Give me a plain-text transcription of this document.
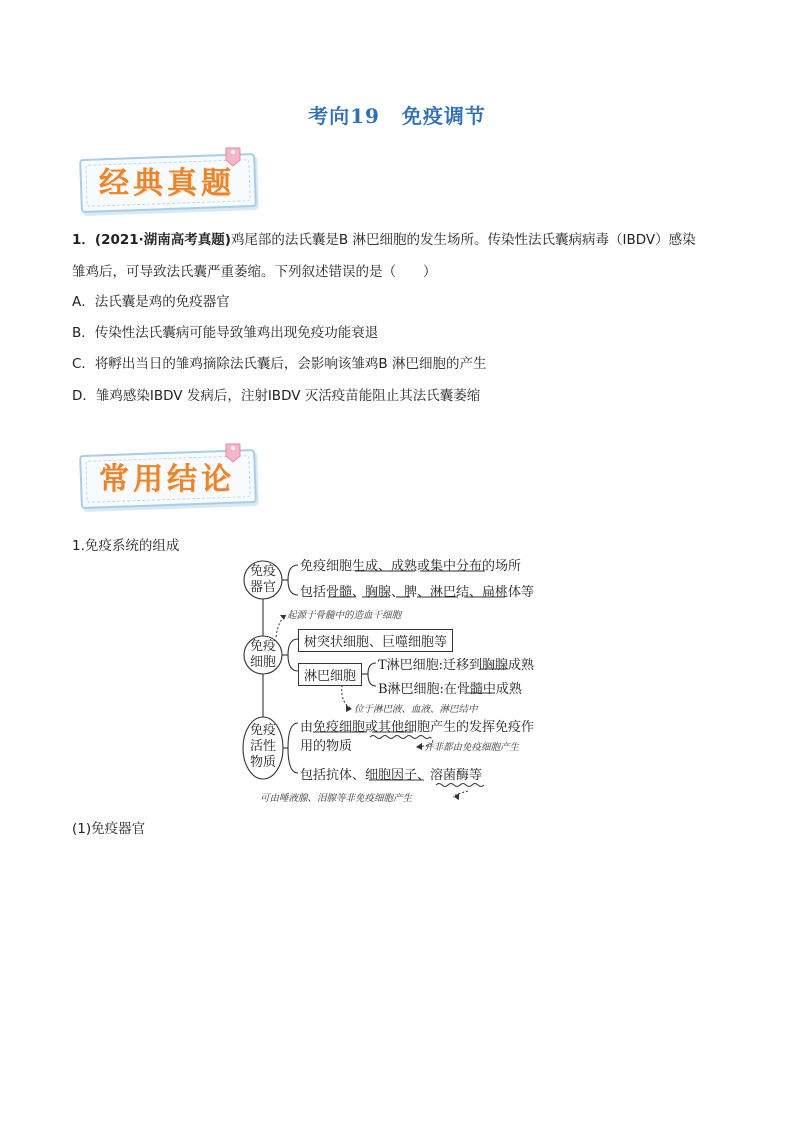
考向19 免疫调节
经典真题
1．(2021·湖南高考真题)鸡尾部的法氏囊是B 淋巴细胞的发生场所。传染性法氏囊病病毒（IBDV）感染
雏鸡后，可导致法氏囊严重萎缩。下列叙述错误的是（　　）
A．法氏囊是鸡的免疫器官
B．传染性法氏囊病可能导致雏鸡出现免疫功能衰退
C．将孵出当日的雏鸡摘除法氏囊后，会影响该雏鸡B 淋巴细胞的产生
D．雏鸡感染IBDV 发病后，注射IBDV 灭活疫苗能阻止其法氏囊萎缩
常用结论
1.免疫系统的组成
免疫
器官
免疫
细胞
免疫
活性
物质
免疫细胞生成、成熟或集中分布的场所
包括骨髓、胸腺、脾、淋巴结、扁桃体等
起源于骨髓中的造血干细胞
树突状细胞、巨噬细胞等
淋巴细胞
T淋巴细胞:迁移到胸腺成熟
B淋巴细胞:在骨髓中成熟
位于淋巴液、血液、淋巴结中
由免疫细胞或其他细胞产生的发挥免疫作
用的物质	并非都由免疫细胞产生
包括抗体、细胞因子、溶菌酶等
可由唾液腺、泪腺等非免疫细胞产生
(1)免疫器官
